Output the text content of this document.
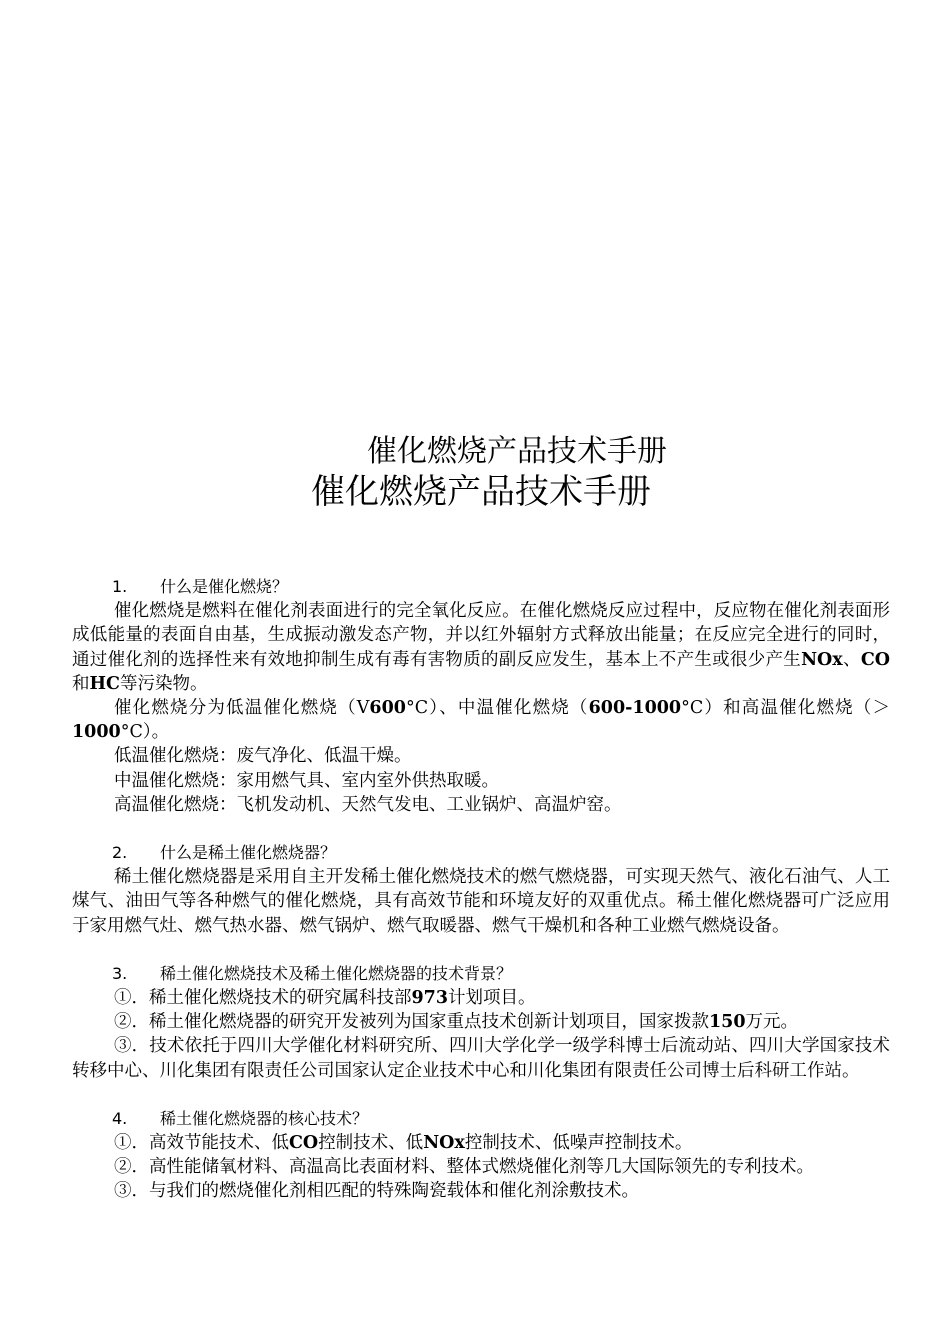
催化燃烧产品技术手册
催化燃烧产品技术手册

1. 什么是催化燃烧？

催化燃烧是燃料在催化剂表面进行的完全氧化反应。在催化燃烧反应过程中，反应物在催化剂表面形成低能量的表面自由基，生成振动激发态产物，并以红外辐射方式释放出能量；在反应完全进行的同时，通过催化剂的选择性来有效地抑制生成有毒有害物质的副反应发生，基本上不产生或很少产生NOx、CO和HC等污染物。

催化燃烧分为低温催化燃烧（V600°C）、中温催化燃烧（600-1000°C）和高温催化燃烧（＞1000°C）。

低温催化燃烧：废气净化、低温干燥。

中温催化燃烧：家用燃气具、室内室外供热取暖。

高温催化燃烧：飞机发动机、天然气发电、工业锅炉、高温炉窑。

2. 什么是稀土催化燃烧器？

稀土催化燃烧器是采用自主开发稀土催化燃烧技术的燃气燃烧器，可实现天然气、液化石油气、人工煤气、油田气等各种燃气的催化燃烧，具有高效节能和环境友好的双重优点。稀土催化燃烧器可广泛应用于家用燃气灶、燃气热水器、燃气锅炉、燃气取暖器、燃气干燥机和各种工业燃气燃烧设备。

3. 稀土催化燃烧技术及稀土催化燃烧器的技术背景？

①．稀土催化燃烧技术的研究属科技部973计划项目。

②．稀土催化燃烧器的研究开发被列为国家重点技术创新计划项目，国家拨款150万元。

③．技术依托于四川大学催化材料研究所、四川大学化学一级学科博士后流动站、四川大学国家技术转移中心、川化集团有限责任公司国家认定企业技术中心和川化集团有限责任公司博士后科研工作站。

4. 稀土催化燃烧器的核心技术？

①．高效节能技术、低CO控制技术、低NOx控制技术、低噪声控制技术。

②．高性能储氧材料、高温高比表面材料、整体式燃烧催化剂等几大国际领先的专利技术。

③．与我们的燃烧催化剂相匹配的特殊陶瓷载体和催化剂涂敷技术。
